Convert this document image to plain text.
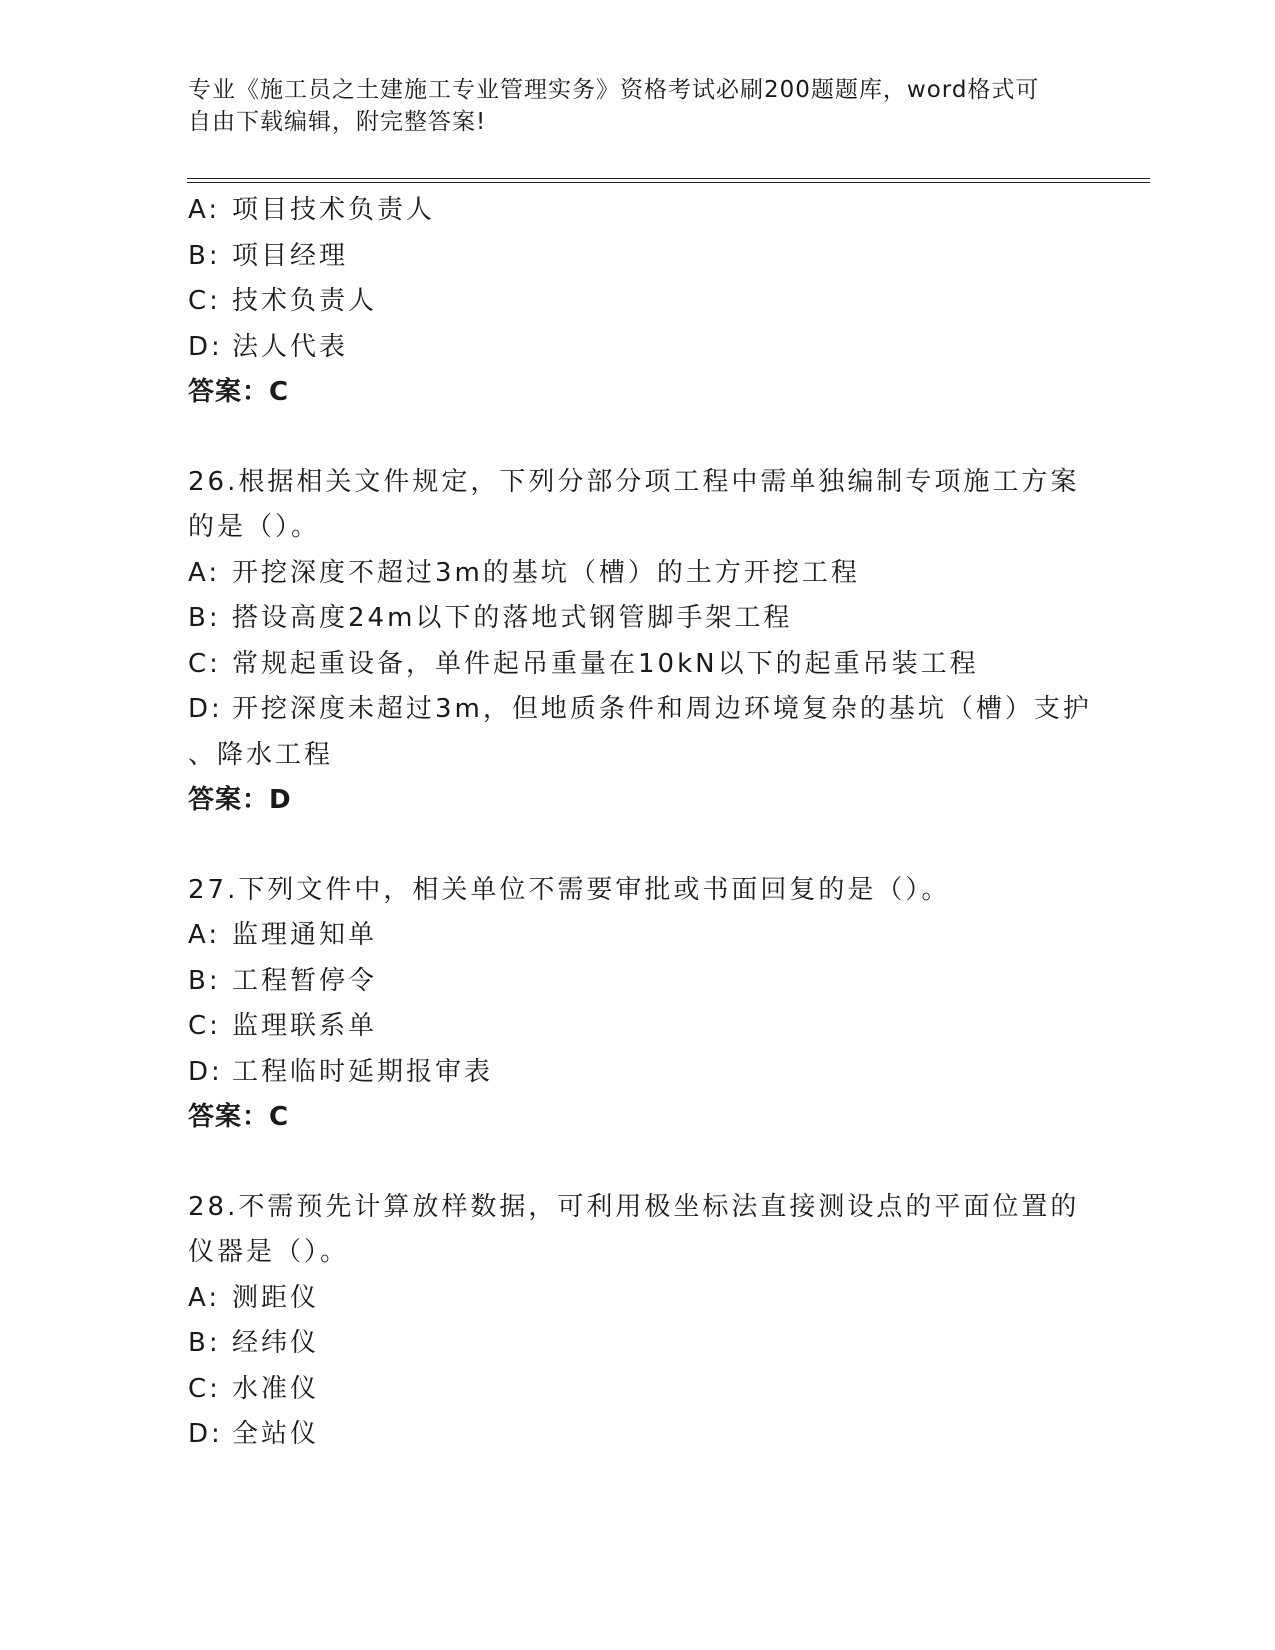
专业《施工员之土建施工专业管理实务》资格考试必刷200题题库，word格式可
自由下载编辑，附完整答案!
A: 项目技术负责人
B: 项目经理
C: 技术负责人
D: 法人代表
答案：C
26.根据相关文件规定，下列分部分项工程中需单独编制专项施工方案
的是（）。
A: 开挖深度不超过3m的基坑（槽）的土方开挖工程
B: 搭设高度24m以下的落地式钢管脚手架工程
C: 常规起重设备，单件起吊重量在10kN以下的起重吊装工程
D: 开挖深度未超过3m，但地质条件和周边环境复杂的基坑（槽）支护
、降水工程
答案：D
27.下列文件中，相关单位不需要审批或书面回复的是（）。
A: 监理通知单
B: 工程暂停令
C: 监理联系单
D: 工程临时延期报审表
答案：C
28.不需预先计算放样数据，可利用极坐标法直接测设点的平面位置的
仪器是（）。
A: 测距仪
B: 经纬仪
C: 水准仪
D: 全站仪
